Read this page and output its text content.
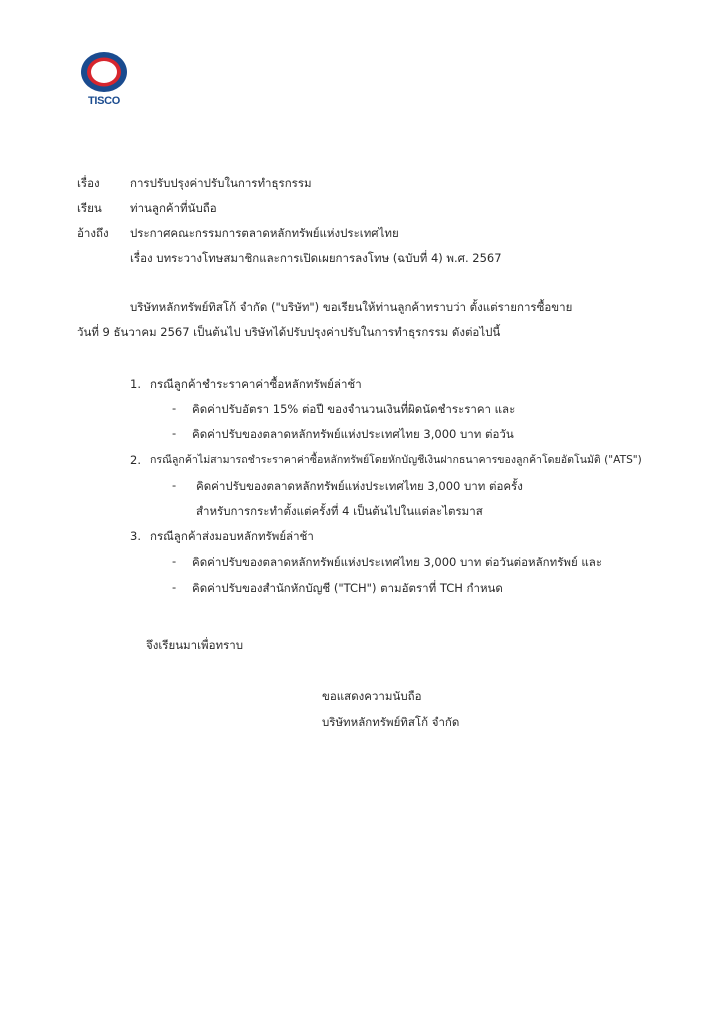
TISCO
เรื่อง	การปรับปรุงค่าปรับในการทำธุรกรรม
เรียน ท่านลูกค้าที่นับถือ
อ้างถึง ประกาศคณะกรรมการตลาดหลักทรัพย์แห่งประเทศไทย
เรื่อง บทระวางโทษสมาชิกและการเปิดเผยการลงโทษ (ฉบับที่ 4) พ.ศ. 2567
บริษัทหลักทรัพย์ทิสโก้ จำกัด ("บริษัท") ขอเรียนให้ท่านลูกค้าทราบว่า ตั้งแต่รายการซื้อขาย
วันที่ 9 ธันวาคม 2567 เป็นต้นไป บริษัทได้ปรับปรุงค่าปรับในการทำธุรกรรม ดังต่อไปนี้
1. กรณีลูกค้าชำระราคาค่าซื้อหลักทรัพย์ล่าช้า
- คิดค่าปรับอัตรา 15% ต่อปี ของจำนวนเงินที่ผิดนัดชำระราคา และ
- คิดค่าปรับของตลาดหลักทรัพย์แห่งประเทศไทย 3,000 บาท ต่อวัน
2. กรณีลูกค้าไม่สามารถชำระราคาค่าซื้อหลักทรัพย์โดยหักบัญชีเงินฝากธนาคารของลูกค้าโดยอัตโนมัติ ("ATS")
- คิดค่าปรับของตลาดหลักทรัพย์แห่งประเทศไทย 3,000 บาท ต่อครั้ง
สำหรับการกระทำตั้งแต่ครั้งที่ 4 เป็นต้นไปในแต่ละไตรมาส
3. กรณีลูกค้าส่งมอบหลักทรัพย์ล่าช้า
- คิดค่าปรับของตลาดหลักทรัพย์แห่งประเทศไทย 3,000 บาท ต่อวันต่อหลักทรัพย์ และ
- คิดค่าปรับของสำนักหักบัญชี ("TCH") ตามอัตราที่ TCH กำหนด
จึงเรียนมาเพื่อทราบ
ขอแสดงความนับถือ
บริษัทหลักทรัพย์ทิสโก้ จำกัด
